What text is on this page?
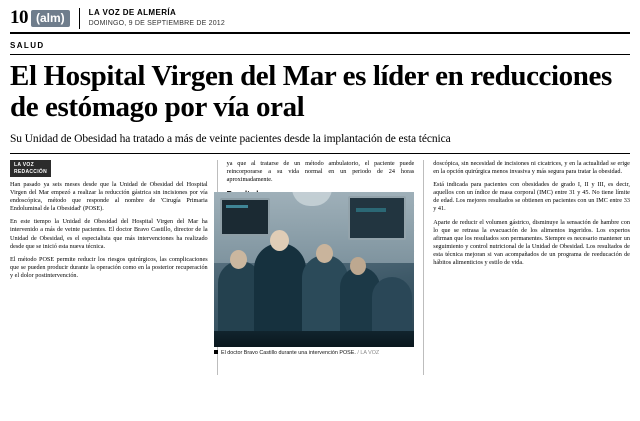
10 (alm)	LA VOZ DE ALMERÍA
DOMINGO, 9 DE SEPTIEMBRE DE 2012
SALUD
El Hospital Virgen del Mar es líder en reducciones de estómago por vía oral
Su Unidad de Obesidad ha tratado a más de veinte pacientes desde la implantación de esta técnica
LA VOZ
REDACCIÓN

Han pasado ya seis meses desde que la Unidad de Obesidad del Hospital Virgen del Mar empezó a realizar la reducción gástrica sin incisiones por vía endoscópica, método que responde al nombre de 'Cirugía Primaria Endoluminal de la Obesidad' (POSE).

En este tiempo la Unidad de Obesidad del Hospital Virgen del Mar ha intervenido a más de veinte pacientes. El doctor Bravo Castillo, director de la Unidad de Obesidad, es el especialista que más intervenciones ha realizado desde que se inició esta nueva técnica.

El método POSE permite reducir los riesgos quirúrgicos, las complicaciones que se pueden producir durante la operación como en la posterior recuperación y el dolor postintervención.

ya que al tratarse de un método ambulatorio, el paciente puede reincorporarse a su vida normal en un periodo de 24 horas aproximadamente.

doscópica, sin necesidad de incisiones ni cicatrices, y en la actualidad se erige en la opción quirúrgica menos invasiva y más segura para tratar la obesidad.

Está indicada para pacientes con obesidades de grado I, II y III, es decir, aquellos con un índice de masa corporal (IMC) entre 31 y 45. No tiene límite de edad. Los mejores resultados se obtienen en pacientes con un IMC entre 33 y 41.

Aparte de reducir el volumen gástrico, disminuye la sensación de hambre con lo que se retrasa la evacuación de los alimentos ingeridos. Los expertos afirman que los resultados son permanentes. Siempre es necesario mantener un seguimiento y control nutricional de la Unidad de Obesidad. Los resultados de esta técnica mejoran si van acompañados de un programa de reeducación de hábitos alimenticios y estilo de vida.

El doctor Bravo Castillo durante una intervención POSE. / LA VOZ
